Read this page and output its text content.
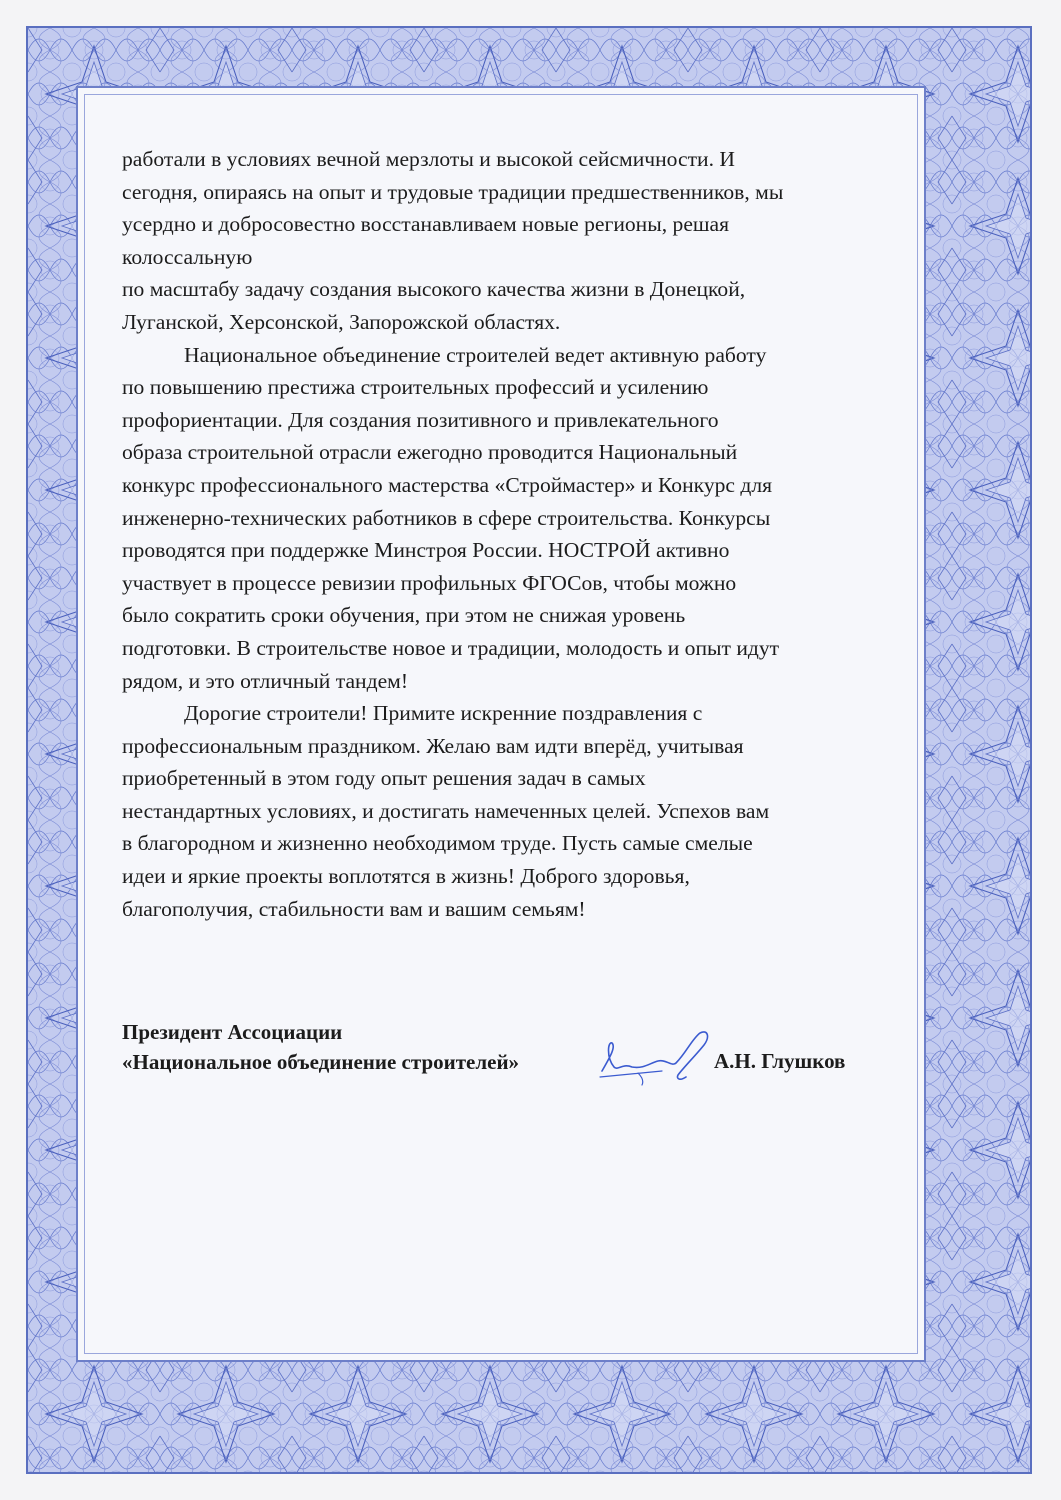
работали в условиях вечной мерзлоты и высокой сейсмичности. И
сегодня, опираясь на опыт и трудовые традиции предшественников, мы
усердно и добросовестно восстанавливаем новые регионы, решая
колоссальную
по масштабу задачу создания высокого качества жизни в Донецкой,
Луганской, Херсонской, Запорожской областях.

Национальное объединение строителей ведет активную работу
по повышению престижа строительных профессий и усилению
профориентации. Для создания позитивного и привлекательного
образа строительной отрасли ежегодно проводится Национальный
конкурс профессионального мастерства «Строймастер» и Конкурс для
инженерно-технических работников в сфере строительства. Конкурсы
проводятся при поддержке Минстроя России. НОСТРОЙ активно
участвует в процессе ревизии профильных ФГОСов, чтобы можно
было сократить сроки обучения, при этом не снижая уровень
подготовки. В строительстве новое и традиции, молодость и опыт идут
рядом, и это отличный тандем!

Дорогие строители! Примите искренние поздравления с
профессиональным праздником. Желаю вам идти вперёд, учитывая
приобретенный в этом году опыт решения задач в самых
нестандартных условиях, и достигать намеченных целей. Успехов вам
в благородном и жизненно необходимом труде. Пусть самые смелые
идеи и яркие проекты воплотятся в жизнь! Доброго здоровья,
благополучия, стабильности вам и вашим семьям!

Президент Ассоциации
«Национальное объединение строителей»	А.Н. Глушков
